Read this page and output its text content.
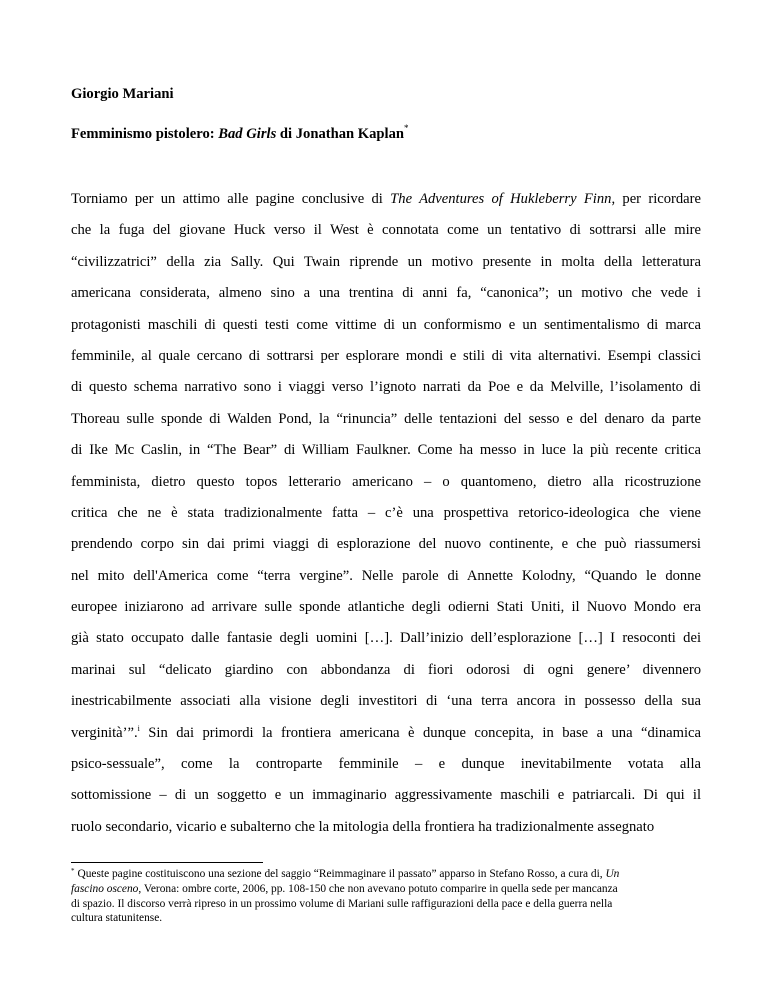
Giorgio Mariani

Femminismo pistolero: Bad Girls di Jonathan Kaplan*

Torniamo per un attimo alle pagine conclusive di The Adventures of Hukleberry Finn, per ricordare
che la fuga del giovane Huck verso il West è connotata come un tentativo di sottrarsi alle mire
“civilizzatrici” della zia Sally. Qui Twain riprende un motivo presente in molta della letteratura
americana considerata, almeno sino a una trentina di anni fa, “canonica”; un motivo che vede i
protagonisti maschili di questi testi come vittime di un conformismo e un sentimentalismo di marca
femminile, al quale cercano di sottrarsi per esplorare mondi e stili di vita alternativi. Esempi classici
di questo schema narrativo sono i viaggi verso l’ignoto narrati da Poe e da Melville, l’isolamento di
Thoreau sulle sponde di Walden Pond, la “rinuncia” delle tentazioni del sesso e del denaro da parte
di Ike Mc Caslin, in “The Bear” di William Faulkner. Come ha messo in luce la più recente critica
femminista, dietro questo topos letterario americano – o quantomeno, dietro alla ricostruzione
critica che ne è stata tradizionalmente fatta – c’è una prospettiva retorico-ideologica che viene
prendendo corpo sin dai primi viaggi di esplorazione del nuovo continente, e che può riassumersi
nel mito dell'America come “terra vergine”. Nelle parole di Annette Kolodny, “Quando le donne
europee iniziarono ad arrivare sulle sponde atlantiche degli odierni Stati Uniti, il Nuovo Mondo era
già stato occupato dalle fantasie degli uomini […]. Dall’inizio dell’esplorazione […] I resoconti dei
marinai sul “delicato giardino con abbondanza di fiori odorosi di ogni genere’ divennero
inestricabilmente associati alla visione degli investitori di ‘una terra ancora in possesso della sua
verginità’”.$^i$ Sin dai primordi la frontiera americana è dunque concepita, in base a una “dinamica
psico-sessuale”, come la controparte femminile – e dunque inevitabilmente votata alla
sottomissione – di un soggetto e un immaginario aggressivamente maschili e patriarcali. Di qui il
ruolo secondario, vicario e subalterno che la mitologia della frontiera ha tradizionalmente assegnato
* Queste pagine costituiscono una sezione del saggio “Reimmaginare il passato” apparso in Stefano Rosso, a cura di, Un
fascino osceno, Verona: ombre corte, 2006, pp. 108-150 che non avevano potuto comparire in quella sede per mancanza
di spazio. Il discorso verrà ripreso in un prossimo volume di Mariani sulle raffigurazioni della pace e della guerra nella
cultura statunitense.
